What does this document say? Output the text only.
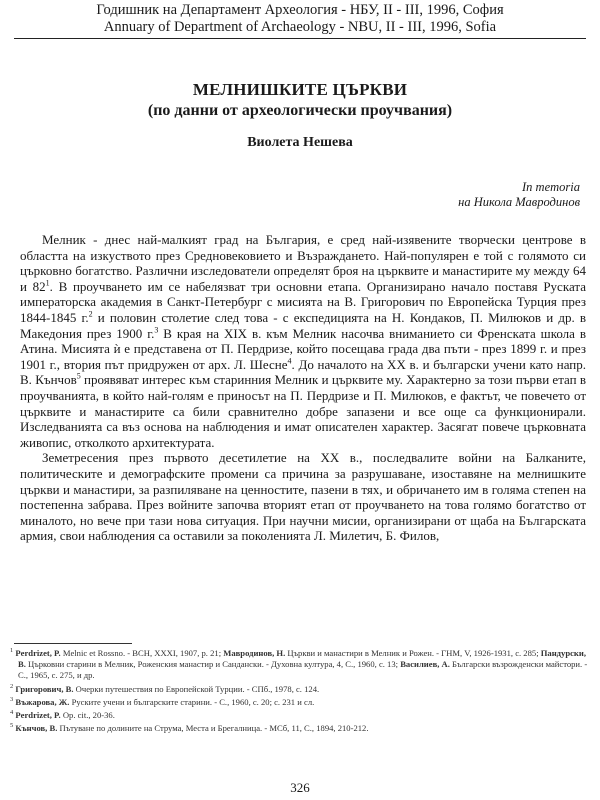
Годишник на Департамент Археология - НБУ, II - III, 1996, София
Annuary of Department of Archaeology - NBU, II - III, 1996, Sofia
МЕЛНИШКИТЕ ЦЪРКВИ
(по данни от археологически проучвания)
Виолета Нешева
In memoria
на Никола Мавродинов

Мелник - днес най-малкият град на България, е сред най-изявените творчески центрове в областта на изкуството през Средновековието и Възраждането. Най-популярен е той с голямото си църковно богатство. Различни изследователи определят броя на църквите и манастирите му между 64 и $82^1$. В проучването им се набелязват три основни етапа. Организирано начало поставя Руската императорска академия в Санкт-Петербург с мисията на В. Григорович по Европейска Турция през 1844-1845 г.$^2$ и половин столетие след това - с експедицията на Н. Кондаков, П. Милюков и др. в Македония през 1900 г.$^3$ В края на XIX в. към Мелник насочва вниманието си Френската школа в Атина. Мисията ѝ е представена от П. Пердризе, който посещава града два пъти - през 1899 г. и през 1901 г., втория път придружен от арх. Л. Шесне$^4$. До началото на XX в. и български учени като напр. В. Кънчов$^5$ проявяват интерес към старинния Мелник и църквите му. Характерно за този първи етап в проучванията, в който най-голям е приносът на П. Пердризе и П. Милюков, е фактът, че повечето от църквите и манастирите са били сравнително добре запазени и все още са функционирали. Изследванията са въз основа на наблюдения и имат описателен характер. Засягат повече църковната живопис, отколкото архитектурата.

Земетресения през първото десетилетие на XX в., последвалите войни на Балканите, политическите и демографските промени са причина за разрушаване, изоставяне на мелнишките църкви и манастири, за разпиляване на ценностите, пазени в тях, и обричането им в голяма степен на постепенна забрава. През войните започва вторият етап от проучването на това голямо богатство от миналото, но вече при тази нова ситуация. При научни мисии, организирани от щаба на Българската армия, свои наблюдения са оставили за поколенията Л. Милетич, Б. Филов,

$^1$ Perdrizet, P. Melnic et Rossno. - BCH, XXXI, 1907, p. 21; Мавродинов, Н. Църкви и манастири в Мелник и Рожен. - ГНМ, V, 1926-1931, с. 285; Пандурски, В. Църковни старини в Мелник, Роженския манастир и Сандански. - Духовна култура, 4, С., 1960, с. 13; Василиев, А. Български възрожденски майстори. - С., 1965, с. 275, и др.
$^2$ Григорович, В. Очерки путешествия по Европейской Турции. - СПб., 1978, с. 124.
$^3$ Въжарова, Ж. Руските учени и българските старини. - С., 1960, с. 20; с. 231 и сл.
$^4$ Perdrizet, P. Op. cit., 20-36.
$^5$ Кънчов, В. Пътуване по долините на Струма, Места и Брегалница. - МСб, 11, С., 1894, 210-212.
326
